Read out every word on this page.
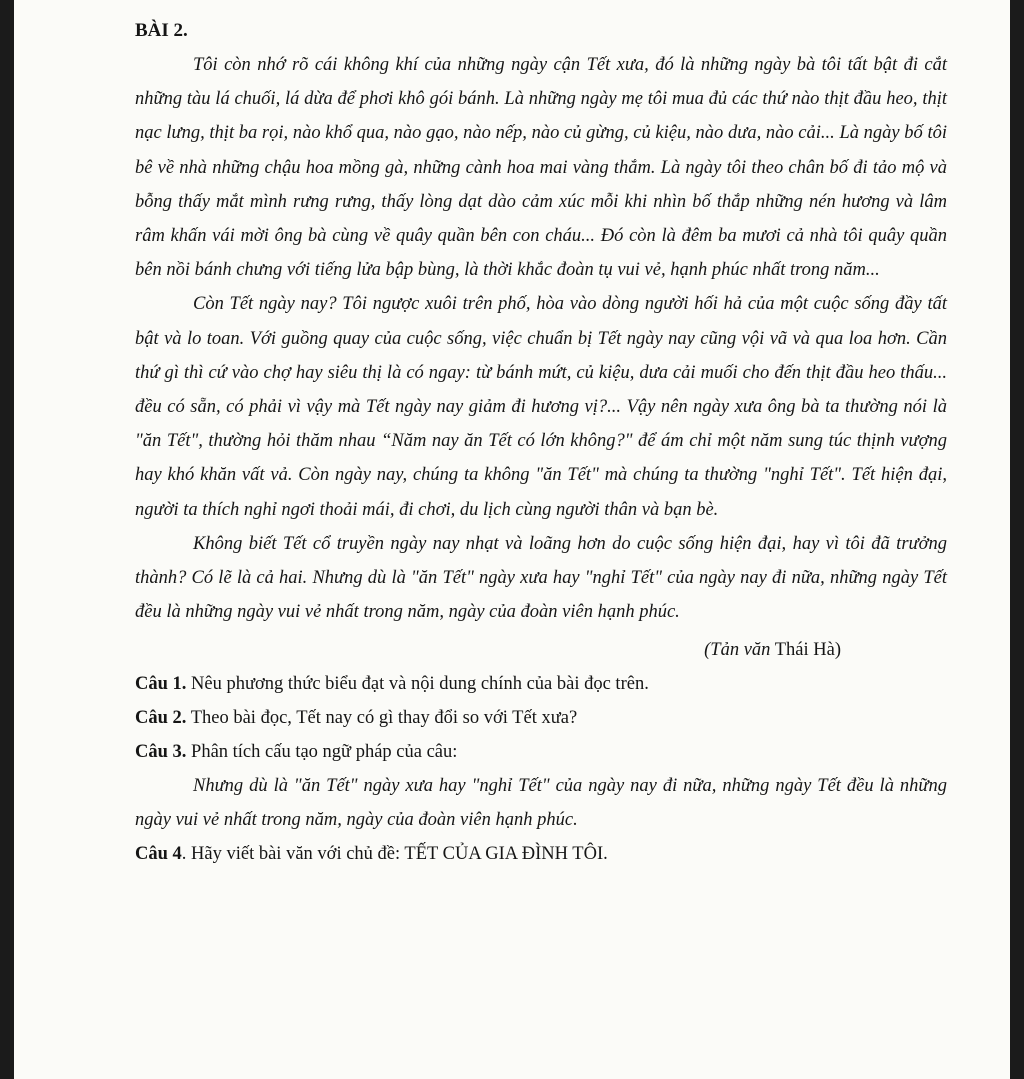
BÀI 2.

Tôi còn nhớ rõ cái không khí của những ngày cận Tết xưa, đó là những ngày bà tôi tất bật đi cắt những tàu lá chuối, lá dừa để phơi khô gói bánh. Là những ngày mẹ tôi mua đủ các thứ nào thịt đầu heo, thịt nạc lưng, thịt ba rọi, nào khổ qua, nào gạo, nào nếp, nào củ gừng, củ kiệu, nào dưa, nào cải... Là ngày bố tôi bê về nhà những chậu hoa mồng gà, những cành hoa mai vàng thắm. Là ngày tôi theo chân bố đi tảo mộ và bỗng thấy mắt mình rưng rưng, thấy lòng dạt dào cảm xúc mỗi khi nhìn bố thắp những nén hương và lâm râm khấn vái mời ông bà cùng về quây quần bên con cháu... Đó còn là đêm ba mươi cả nhà tôi quây quần bên nồi bánh chưng với tiếng lửa bập bùng, là thời khắc đoàn tụ vui vẻ, hạnh phúc nhất trong năm...

Còn Tết ngày nay? Tôi ngược xuôi trên phố, hòa vào dòng người hối hả của một cuộc sống đầy tất bật và lo toan. Với guồng quay của cuộc sống, việc chuẩn bị Tết ngày nay cũng vội vã và qua loa hơn. Cần thứ gì thì cứ vào chợ hay siêu thị là có ngay: từ bánh mứt, củ kiệu, dưa cải muối cho đến thịt đầu heo thấu... đều có sẵn, có phải vì vậy mà Tết ngày nay giảm đi hương vị?... Vậy nên ngày xưa ông bà ta thường nói là "ăn Tết", thường hỏi thăm nhau “Năm nay ăn Tết có lớn không?" để ám chỉ một năm sung túc thịnh vượng hay khó khăn vất vả. Còn ngày nay, chúng ta không "ăn Tết" mà chúng ta thường "nghỉ Tết". Tết hiện đại, người ta thích nghỉ ngơi thoải mái, đi chơi, du lịch cùng người thân và bạn bè.

Không biết Tết cổ truyền ngày nay nhạt và loãng hơn do cuộc sống hiện đại, hay vì tôi đã trưởng thành? Có lẽ là cả hai. Nhưng dù là "ăn Tết" ngày xưa hay "nghỉ Tết" của ngày nay đi nữa, những ngày Tết đều là những ngày vui vẻ nhất trong năm, ngày của đoàn viên hạnh phúc.

(Tản văn Thái Hà)

Câu 1. Nêu phương thức biểu đạt và nội dung chính của bài đọc trên.

Câu 2. Theo bài đọc, Tết nay có gì thay đổi so với Tết xưa?

Câu 3. Phân tích cấu tạo ngữ pháp của câu:

Nhưng dù là "ăn Tết" ngày xưa hay "nghỉ Tết" của ngày nay đi nữa, những ngày Tết đều là những ngày vui vẻ nhất trong năm, ngày của đoàn viên hạnh phúc.

Câu 4. Hãy viết bài văn với chủ đề: TẾT CỦA GIA ĐÌNH TÔI.
